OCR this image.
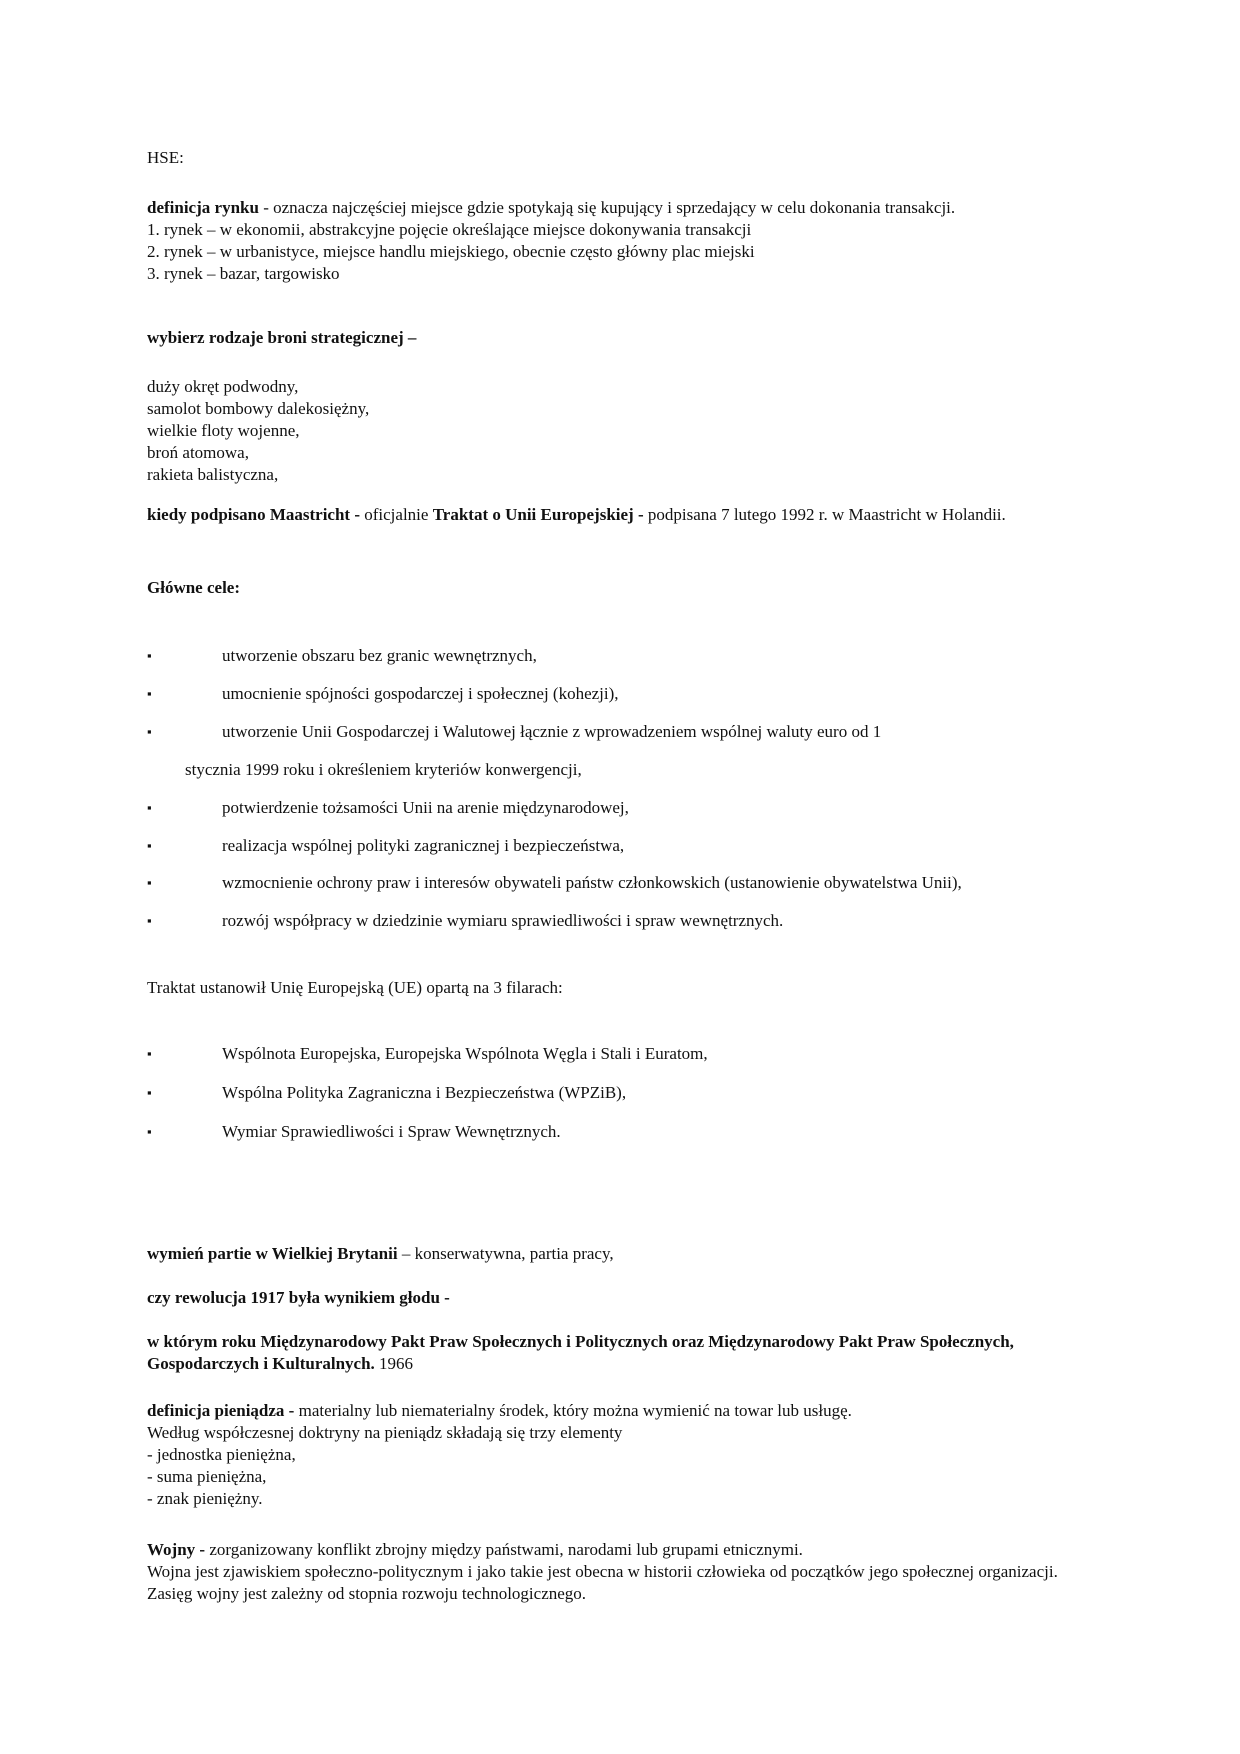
HSE:
definicja rynku - oznacza najczęściej miejsce gdzie spotykają się kupujący i sprzedający w celu dokonania transakcji.
1. rynek – w ekonomii, abstrakcyjne pojęcie określające miejsce dokonywania transakcji
2. rynek – w urbanistyce, miejsce handlu miejskiego, obecnie często główny plac miejski
3. rynek – bazar, targowisko
wybierz rodzaje broni strategicznej –
duży okręt podwodny,
samolot bombowy dalekosiężny,
wielkie floty wojenne,
broń atomowa,
rakieta balistyczna,
kiedy podpisano Maastricht - oficjalnie Traktat o Unii Europejskiej - podpisana 7 lutego 1992 r. w Maastricht w Holandii.
Główne cele:
▪	utworzenie obszaru bez granic wewnętrznych,
▪	umocnienie spójności gospodarczej i społecznej (kohezji),
▪	utworzenie Unii Gospodarczej i Walutowej łącznie z wprowadzeniem wspólnej waluty euro od 1
stycznia 1999 roku i określeniem kryteriów konwergencji,
▪	potwierdzenie tożsamości Unii na arenie międzynarodowej,
▪	realizacja wspólnej polityki zagranicznej i bezpieczeństwa,
▪	wzmocnienie ochrony praw i interesów obywateli państw członkowskich (ustanowienie obywatelstwa Unii),
▪	rozwój współpracy w dziedzinie wymiaru sprawiedliwości i spraw wewnętrznych.
Traktat ustanowił Unię Europejską (UE) opartą na 3 filarach:
▪	Wspólnota Europejska, Europejska Wspólnota Węgla i Stali i Euratom,
▪	Wspólna Polityka Zagraniczna i Bezpieczeństwa (WPZiB),
▪	Wymiar Sprawiedliwości i Spraw Wewnętrznych.
wymień partie w Wielkiej Brytanii – konserwatywna, partia pracy,
czy rewolucja 1917 była wynikiem głodu -
w którym roku Międzynarodowy Pakt Praw Społecznych i Politycznych oraz Międzynarodowy Pakt Praw Społecznych, Gospodarczych i Kulturalnych. 1966
definicja pieniądza - materialny lub niematerialny środek, który można wymienić na towar lub usługę.
Według współczesnej doktryny na pieniądz składają się trzy elementy
- jednostka pieniężna,
- suma pieniężna,
- znak pieniężny.
Wojny - zorganizowany konflikt zbrojny między państwami, narodami lub grupami etnicznymi.
Wojna jest zjawiskiem społeczno-politycznym i jako takie jest obecna w historii człowieka od początków jego społecznej organizacji. Zasięg wojny jest zależny od stopnia rozwoju technologicznego.
